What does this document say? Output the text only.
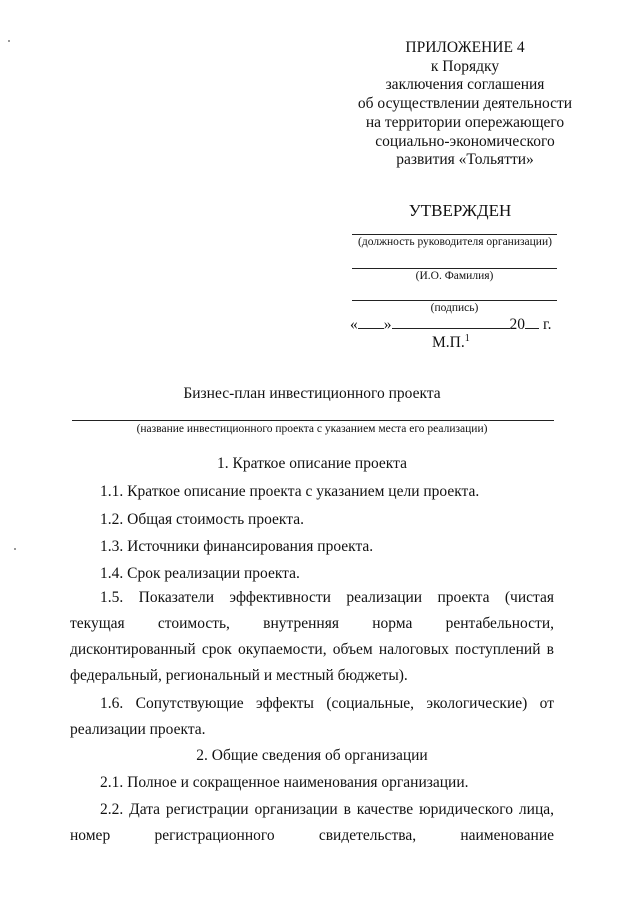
ПРИЛОЖЕНИЕ 4
к Порядку
заключения соглашения
об осуществлении деятельности
на территории опережающего
социально-экономического
развития «Тольятти»
УТВЕРЖДЕН
(должность руководителя организации)
(И.О. Фамилия)
(подпись)
« »	20 г.
М.П.$^1$
Бизнес-план инвестиционного проекта
(название инвестиционного проекта с указанием места его реализации)
1. Краткое описание проекта
1.1. Краткое описание проекта с указанием цели проекта.
1.2. Общая стоимость проекта.
1.3. Источники финансирования проекта.
1.4. Срок реализации проекта.
1.5. Показатели эффективности реализации проекта (чистая текущая стоимость, внутренняя норма рентабельности, дисконтированный срок окупаемости, объем налоговых поступлений в федеральный, региональный и местный бюджеты).
1.6. Сопутствующие эффекты (социальные, экологические) от реализации проекта.
2. Общие сведения об организации
2.1. Полное и сокращенное наименования организации.
2.2. Дата регистрации организации в качестве юридического лица, номер регистрационного свидетельства, наименование
